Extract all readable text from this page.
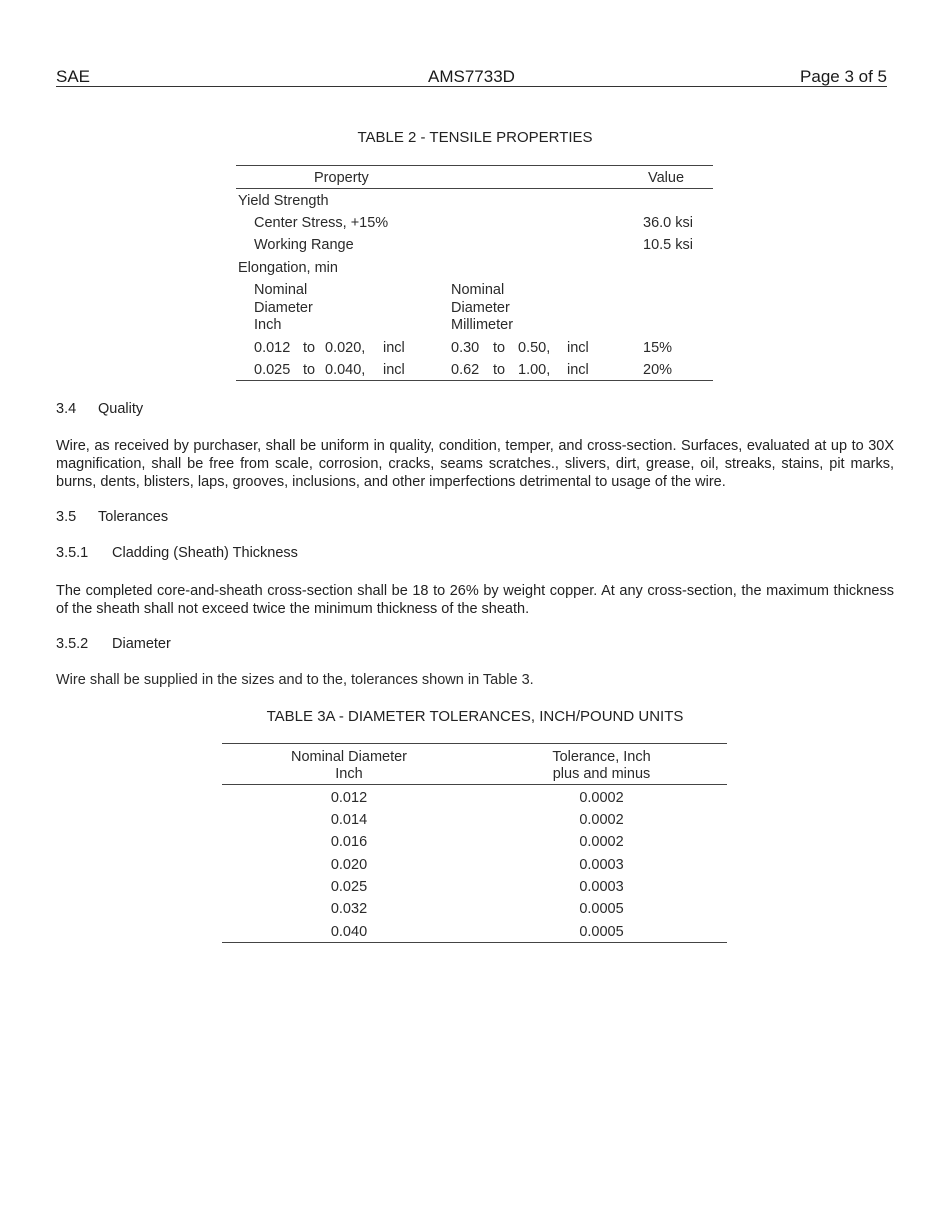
SAE	AMS7733D	Page 3 of 5
TABLE 2 - TENSILE PROPERTIES
Property	Value
Yield Strength
Center Stress, +15%	36.0 ksi
Working Range	10.5 ksi
Elongation, min
Nominal
Diameter
Inch
Nominal
Diameter
Millimeter
0.012 to 0.020, incl	0.30 to 0.50, incl	15%
0.025 to 0.040, incl	0.62 to 1.00, incl	20%
3.4 Quality
Wire, as received by purchaser, shall be uniform in quality, condition, temper, and cross-section. Surfaces, evaluated at up to 30X magnification, shall be free from scale, corrosion, cracks, seams scratches., slivers, dirt, grease, oil, streaks, stains, pit marks, burns, dents, blisters, laps, grooves, inclusions, and other imperfections detrimental to usage of the wire.
3.5 Tolerances
3.5.1 Cladding (Sheath) Thickness
The completed core-and-sheath cross-section shall be 18 to 26% by weight copper. At any cross-section, the maximum thickness of the sheath shall not exceed twice the minimum thickness of the sheath.
3.5.2 Diameter
Wire shall be supplied in the sizes and to the, tolerances shown in Table 3.
TABLE 3A - DIAMETER TOLERANCES, INCH/POUND UNITS
Nominal Diameter
Inch
Tolerance, Inch
plus and minus
0.012	0.0002
0.014	0.0002
0.016	0.0002
0.020	0.0003
0.025	0.0003
0.032	0.0005
0.040	0.0005
